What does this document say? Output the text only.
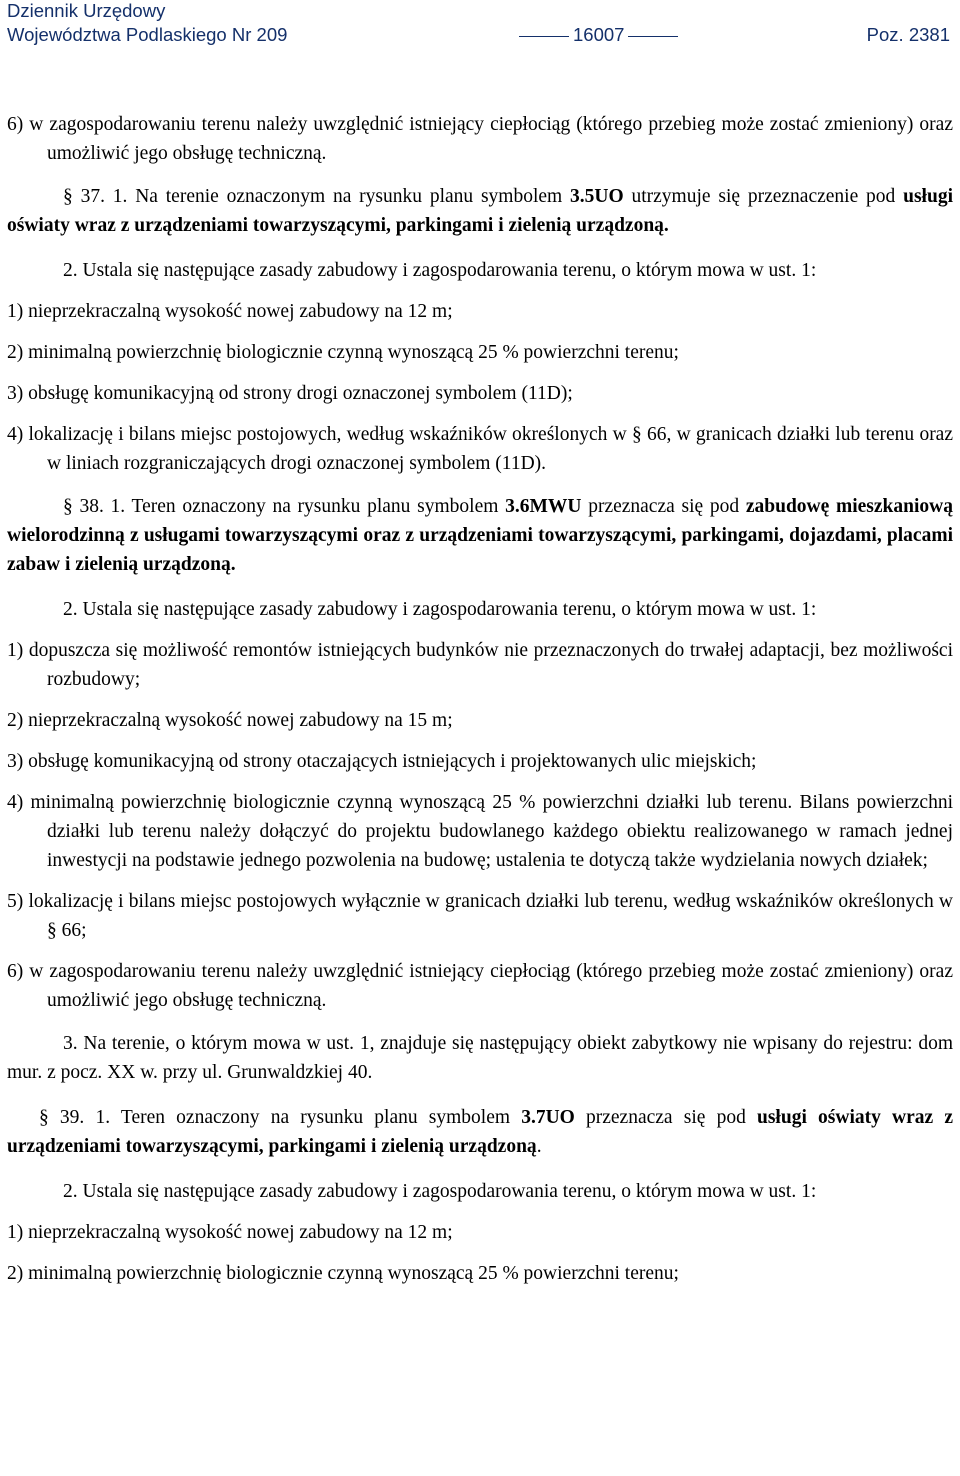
Dziennik Urzędowy
Województwa Podlaskiego Nr 209	16007	Poz. 2381

6) w zagospodarowaniu terenu należy uwzględnić istniejący ciepłociąg (którego przebieg może zostać zmieniony) oraz umożliwić jego obsługę techniczną.

§ 37. 1. Na terenie oznaczonym na rysunku planu symbolem 3.5UO utrzymuje się przeznaczenie pod usługi oświaty wraz z urządzeniami towarzyszącymi, parkingami i zielenią urządzoną.

2. Ustala się następujące zasady zabudowy i zagospodarowania terenu, o którym mowa w ust. 1:

1) nieprzekraczalną wysokość nowej zabudowy na 12 m;

2) minimalną powierzchnię biologicznie czynną wynoszącą 25 % powierzchni terenu;

3) obsługę komunikacyjną od strony drogi oznaczonej symbolem (11D);

4) lokalizację i bilans miejsc postojowych, według wskaźników określonych w § 66, w granicach działki lub terenu oraz w liniach rozgraniczających drogi oznaczonej symbolem (11D).

§ 38. 1. Teren oznaczony na rysunku planu symbolem 3.6MWU przeznacza się pod zabudowę mieszkaniową wielorodzinną z usługami towarzyszącymi oraz z urządzeniami towarzyszącymi, parkingami, dojazdami, placami zabaw i zielenią urządzoną.

2. Ustala się następujące zasady zabudowy i zagospodarowania terenu, o którym mowa w ust. 1:

1) dopuszcza się możliwość remontów istniejących budynków nie przeznaczonych do trwałej adaptacji, bez możliwości rozbudowy;

2) nieprzekraczalną wysokość nowej zabudowy na 15 m;

3) obsługę komunikacyjną od strony otaczających istniejących i projektowanych ulic miejskich;

4) minimalną powierzchnię biologicznie czynną wynoszącą 25 % powierzchni działki lub terenu. Bilans powierzchni działki lub terenu należy dołączyć do projektu budowlanego każdego obiektu realizowanego w ramach jednej inwestycji na podstawie jednego pozwolenia na budowę; ustalenia te dotyczą także wydzielania nowych działek;

5) lokalizację i bilans miejsc postojowych wyłącznie w granicach działki lub terenu, według wskaźników określonych w § 66;

6) w zagospodarowaniu terenu należy uwzględnić istniejący ciepłociąg (którego przebieg może zostać zmieniony) oraz umożliwić jego obsługę techniczną.

3. Na terenie, o którym mowa w ust. 1, znajduje się następujący obiekt zabytkowy nie wpisany do rejestru: dom mur. z pocz. XX w. przy ul. Grunwaldzkiej 40.

§ 39. 1. Teren oznaczony na rysunku planu symbolem 3.7UO przeznacza się pod usługi oświaty wraz z urządzeniami towarzyszącymi, parkingami i zielenią urządzoną.

2. Ustala się następujące zasady zabudowy i zagospodarowania terenu, o którym mowa w ust. 1:

1) nieprzekraczalną wysokość nowej zabudowy na 12 m;

2) minimalną powierzchnię biologicznie czynną wynoszącą 25 % powierzchni terenu;
